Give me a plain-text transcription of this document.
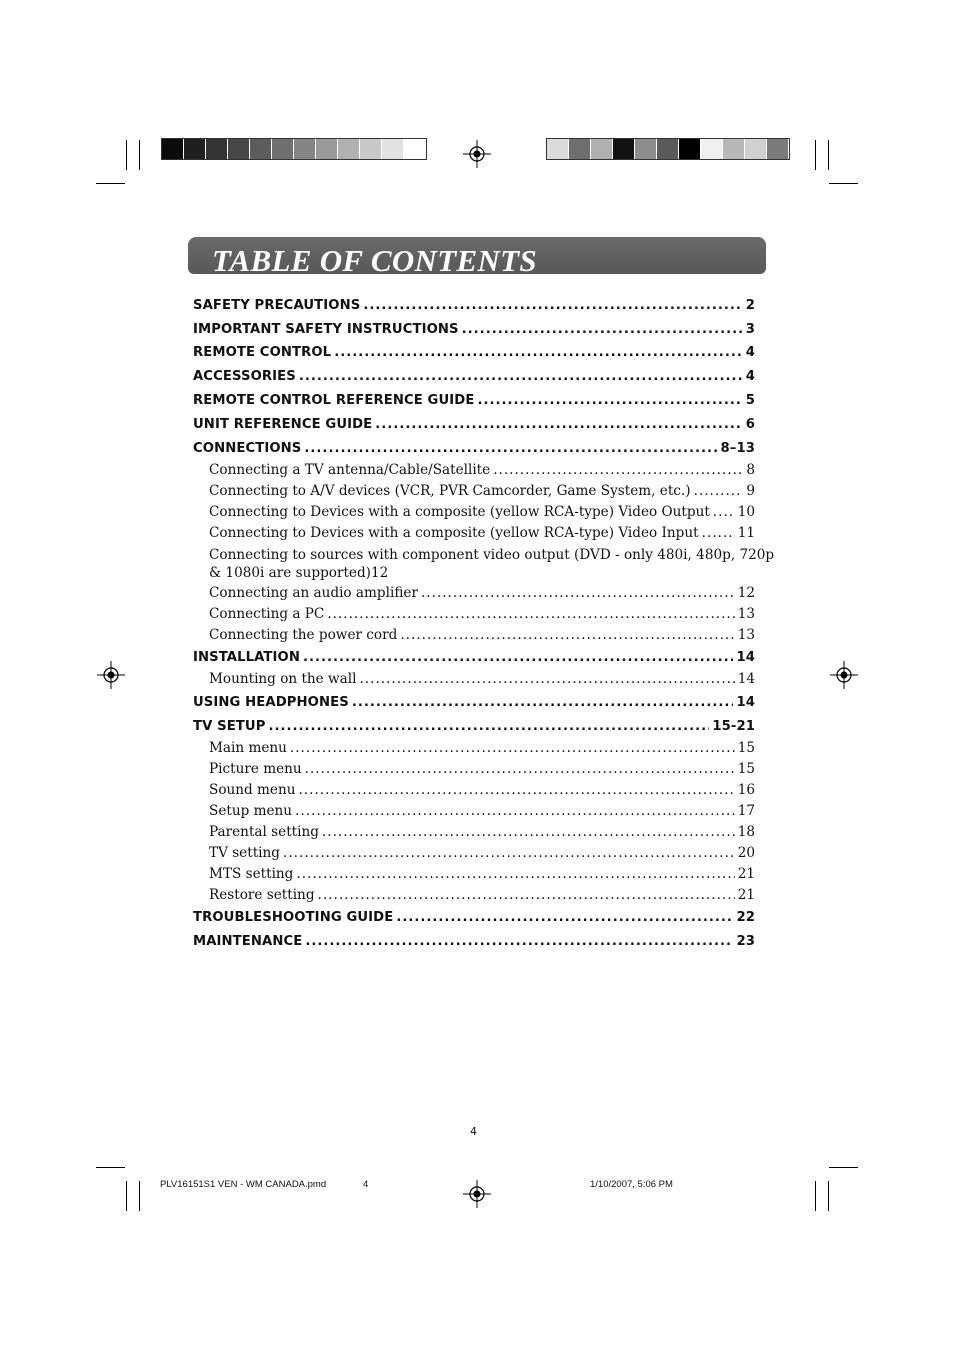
TABLE OF CONTENTS
SAFETY PRECAUTIONS .....	2
IMPORTANT SAFETY INSTRUCTIONS .....	3
REMOTE CONTROL .....	4
ACCESSORIES .....	4
REMOTE CONTROL REFERENCE GUIDE .....	5
UNIT REFERENCE GUIDE .....	6
CONNECTIONS .....	8–13
Connecting a TV antenna/Cable/Satellite .....	8
Connecting to A/V devices (VCR, PVR Camcorder, Game System, etc.) .....	9
Connecting to Devices with a composite (yellow RCA-type) Video Output ..... 10
Connecting to Devices with a composite (yellow RCA-type) Video Input .....	11
Connecting to sources with component video output (DVD - only 480i, 480p, 720p
& 1080i are supported) 12
Connecting an audio amplifier .....	12
Connecting a PC .....	13
Connecting the power cord .....	13
INSTALLATION .....	14
Mounting on the wall .....	14
USING HEADPHONES .....	14
TV SETUP .....	15-21
Main menu .....	15
Picture menu .....	15
Sound menu .....	16
Setup menu .....	17
Parental setting .....	18
TV setting .....	20
MTS setting .....	21
Restore setting .....	21
TROUBLESHOOTING GUIDE .....	22
MAINTENANCE .....	23
4
PLV16151S1 VEN - WM CANADA.pmd	4	1/10/2007, 5:06 PM
